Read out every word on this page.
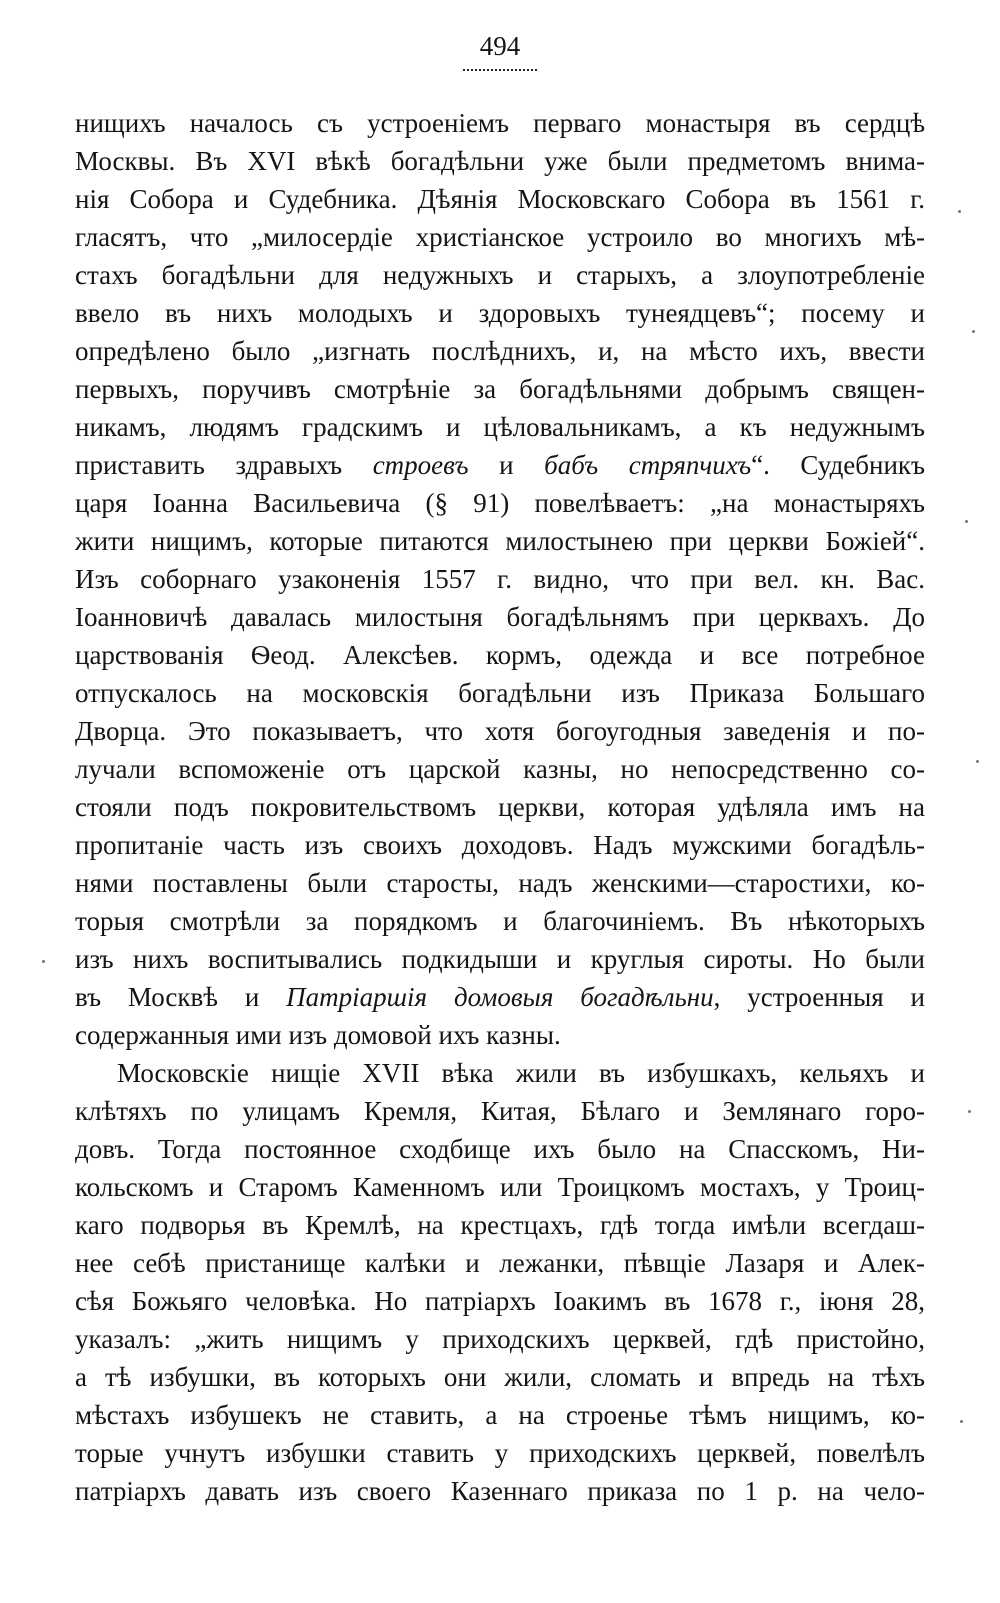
494
нищихъ началось съ устроеніемъ перваго монастыря въ сердцѣ
Москвы. Въ XVI вѣкѣ богадѣльни уже были предметомъ внима-
нія Собора и Судебника. Дѣянія Московскаго Собора въ 1561 г.
гласятъ, что „милосердіе христіанское устроило во многихъ мѣ-
стахъ богадѣльни для недужныхъ и старыхъ, а злоупотребленіе
ввело въ нихъ молодыхъ и здоровыхъ тунеядцевъ“; посему и
опредѣлено было „изгнать послѣднихъ, и, на мѣсто ихъ, ввести
первыхъ, поручивъ смотрѣніе за богадѣльнями добрымъ священ-
никамъ, людямъ градскимъ и цѣловальникамъ, а къ недужнымъ
приставить здравыхъ строевъ и бабъ стряпчихъ“. Судебникъ
царя Іоанна Васильевича (§ 91) повелѣваетъ: „на монастыряхъ
жити нищимъ, которые питаются милостынею при церкви Божіей“.
Изъ соборнаго узаконенія 1557 г. видно, что при вел. кн. Вас.
Іоанновичѣ давалась милостыня богадѣльнямъ при церквахъ. До
царствованія Ѳеод. Алексѣев. кормъ, одежда и все потребное
отпускалось на московскія богадѣльни изъ Приказа Большаго
Дворца. Это показываетъ, что хотя богоугодныя заведенія и по-
лучали вспоможеніе отъ царской казны, но непосредственно со-
стояли подъ покровительствомъ церкви, которая удѣляла имъ на
пропитаніе часть изъ своихъ доходовъ. Надъ мужскими богадѣль-
нями поставлены были старосты, надъ женскими—старостихи, ко-
торыя смотрѣли за порядкомъ и благочиніемъ. Въ нѣкоторыхъ
изъ нихъ воспитывались подкидыши и круглыя сироты. Но были
въ Москвѣ и Патріаршія домовыя богадѣльни, устроенныя и
содержанныя ими изъ домовой ихъ казны.
Московскіе нищіе XVII вѣка жили въ избушкахъ, кельяхъ и
клѣтяхъ по улицамъ Кремля, Китая, Бѣлаго и Землянаго горо-
довъ. Тогда постоянное сходбище ихъ было на Спасскомъ, Ни-
кольскомъ и Старомъ Каменномъ или Троицкомъ мостахъ, у Троиц-
каго подворья въ Кремлѣ, на крестцахъ, гдѣ тогда имѣли всегдаш-
нее себѣ пристанище калѣки и лежанки, пѣвщіе Лазаря и Алек-
сѣя Божьяго человѣка. Но патріархъ Іоакимъ въ 1678 г., іюня 28,
указалъ: „жить нищимъ у приходскихъ церквей, гдѣ пристойно,
а тѣ избушки, въ которыхъ они жили, сломать и впредь на тѣхъ
мѣстахъ избушекъ не ставить, а на строенье тѣмъ нищимъ, ко-
торые учнутъ избушки ставить у приходскихъ церквей, повелѣлъ
патріархъ давать изъ своего Казеннаго приказа по 1 р. на чело-
